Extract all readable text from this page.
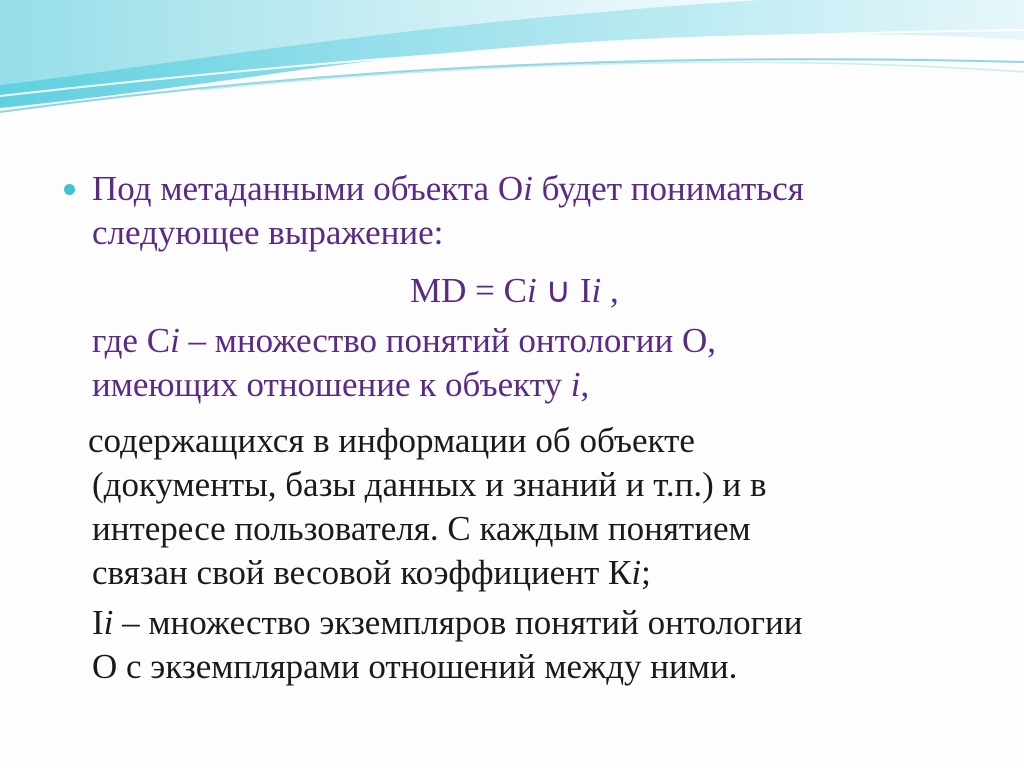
Под метаданными объекта Оi будет пониматься
следующее выражение:
MD = Ci ∪ Ii ,
где Сi – множество понятий онтологии О,
имеющих отношение к объекту i,
содержащихся в информации об объекте
(документы, базы данных и знаний и т.п.) и в
интересе пользователя. С каждым понятием
связан свой весовой коэффициент Кi;
Ii – множество экземпляров понятий онтологии
О с экземплярами отношений между ними.
